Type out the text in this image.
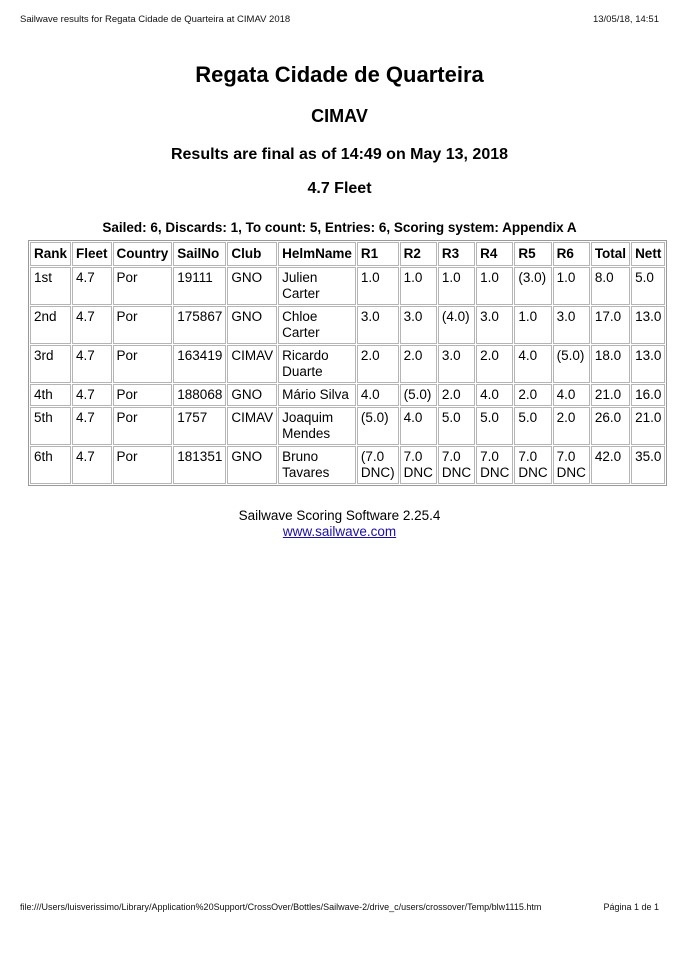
Sailwave results for Regata Cidade de Quarteira at CIMAV 2018	13/05/18, 14:51
Regata Cidade de Quarteira
CIMAV
Results are final as of 14:49 on May 13, 2018
4.7 Fleet
Sailed: 6, Discards: 1, To count: 5, Entries: 6, Scoring system: Appendix A
Rank	Fleet	Country	SailNo	Club	HelmName	R1	R2	R3	R4	R5	R6	Total	Nett
1st	4.7	Por	19111	GNO	Julien Carter	1.0	1.0	1.0	1.0	(3.0)	1.0	8.0	5.0
2nd	4.7	Por	175867	GNO	Chloe Carter	3.0	3.0	(4.0)	3.0	1.0	3.0	17.0	13.0
3rd	4.7	Por	163419	CIMAV	Ricardo Duarte	2.0	2.0	3.0	2.0	4.0	(5.0)	18.0	13.0
4th	4.7	Por	188068	GNO	Mário Silva	4.0	(5.0)	2.0	4.0	2.0	4.0	21.0	16.0
5th	4.7	Por	1757	CIMAV	Joaquim Mendes	(5.0)	4.0	5.0	5.0	5.0	2.0	26.0	21.0
6th	4.7	Por	181351	GNO	Bruno Tavares	(7.0 DNC)	7.0 DNC	7.0 DNC	7.0 DNC	7.0 DNC	7.0 DNC	42.0	35.0
Sailwave Scoring Software 2.25.4
www.sailwave.com
file:///Users/luisverissimo/Library/Application%20Support/CrossOver/Bottles/Sailwave-2/drive_c/users/crossover/Temp/blw1115.htm	Página 1 de 1
